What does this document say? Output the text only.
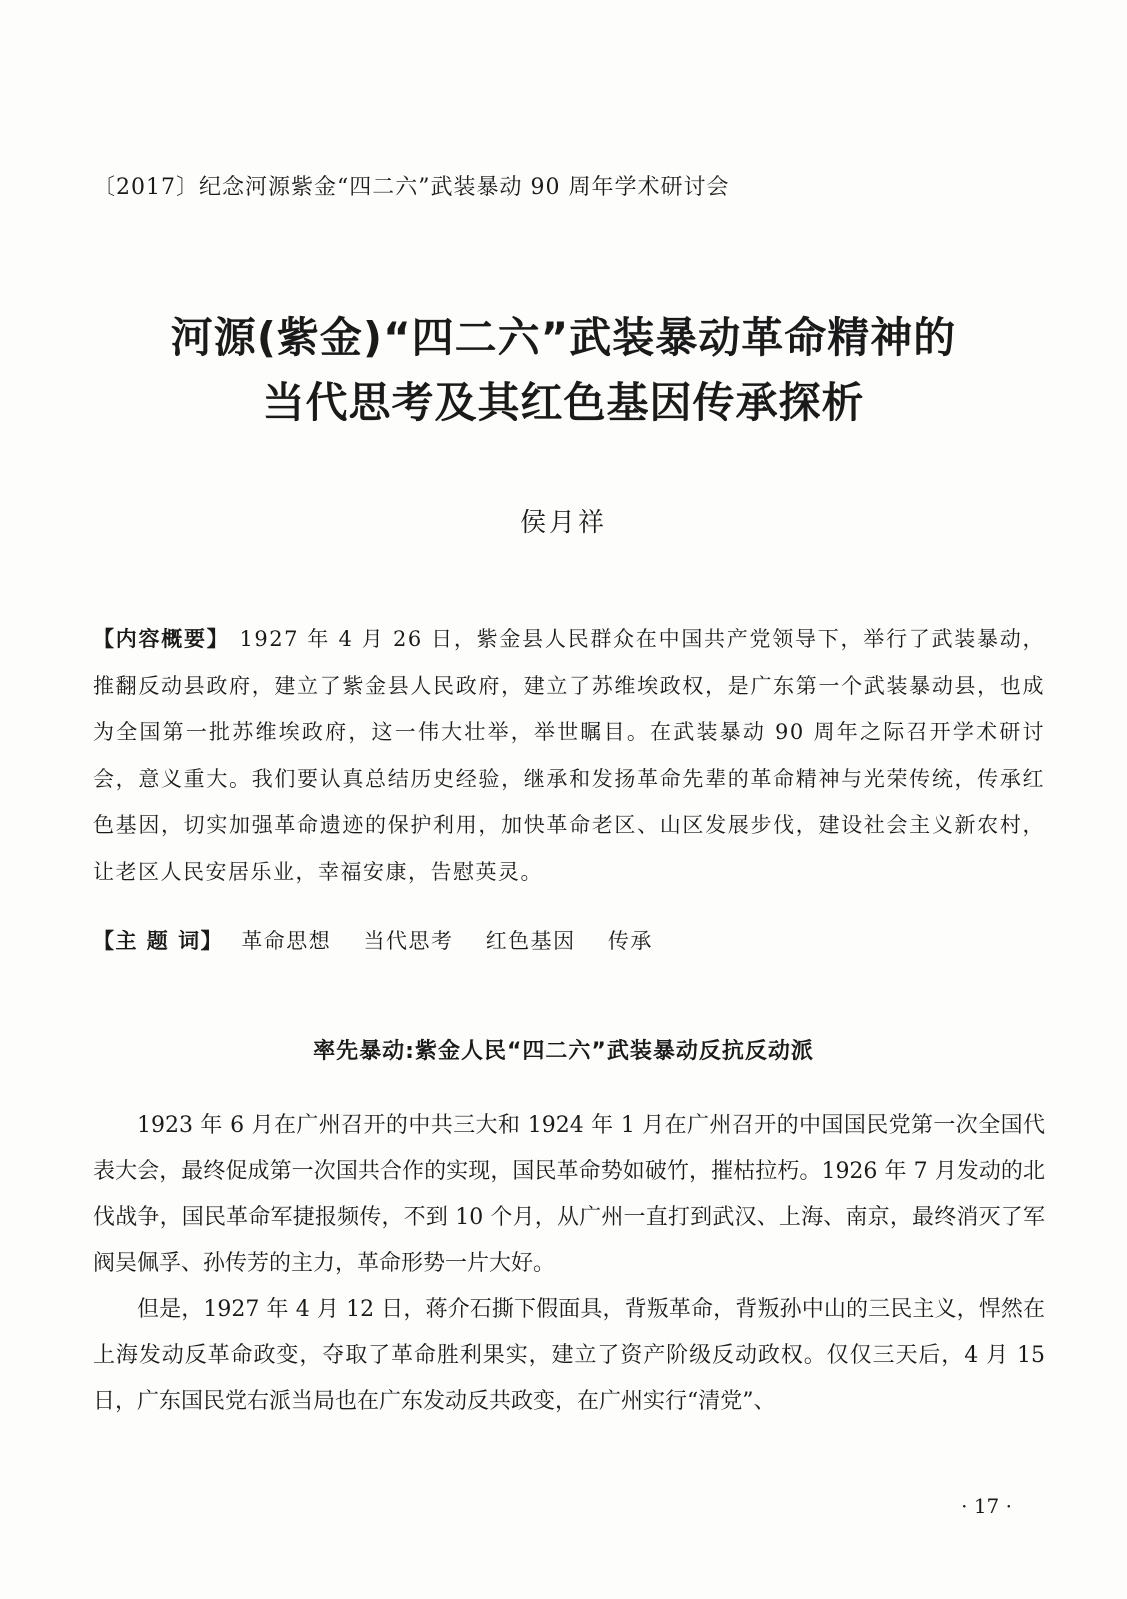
〔2017〕纪念河源紫金“四二六”武装暴动 90 周年学术研讨会
河源(紫金)“四二六”武装暴动革命精神的
当代思考及其红色基因传承探析
侯月祥
【内容概要】 1927 年 4 月 26 日，紫金县人民群众在中国共产党领导下，举行了武装暴动，推翻反动县政府，建立了紫金县人民政府，建立了苏维埃政权，是广东第一个武装暴动县，也成为全国第一批苏维埃政府，这一伟大壮举，举世瞩目。在武装暴动 90 周年之际召开学术研讨会，意义重大。我们要认真总结历史经验，继承和发扬革命先辈的革命精神与光荣传统，传承红色基因，切实加强革命遗迹的保护利用，加快革命老区、山区发展步伐，建设社会主义新农村，让老区人民安居乐业，幸福安康，告慰英灵。
【主 题 词】 革命思想 当代思考 红色基因 传承
率先暴动:紫金人民“四二六”武装暴动反抗反动派

1923 年 6 月在广州召开的中共三大和 1924 年 1 月在广州召开的中国国民党第一次全国代表大会，最终促成第一次国共合作的实现，国民革命势如破竹，摧枯拉朽。1926 年 7 月发动的北伐战争，国民革命军捷报频传，不到 10 个月，从广州一直打到武汉、上海、南京，最终消灭了军阀吴佩孚、孙传芳的主力，革命形势一片大好。

但是，1927 年 4 月 12 日，蒋介石撕下假面具，背叛革命，背叛孙中山的三民主义，悍然在上海发动反革命政变，夺取了革命胜利果实，建立了资产阶级反动政权。仅仅三天后，4 月 15 日，广东国民党右派当局也在广东发动反共政变，在广州实行“清党”、

· 17 ·
